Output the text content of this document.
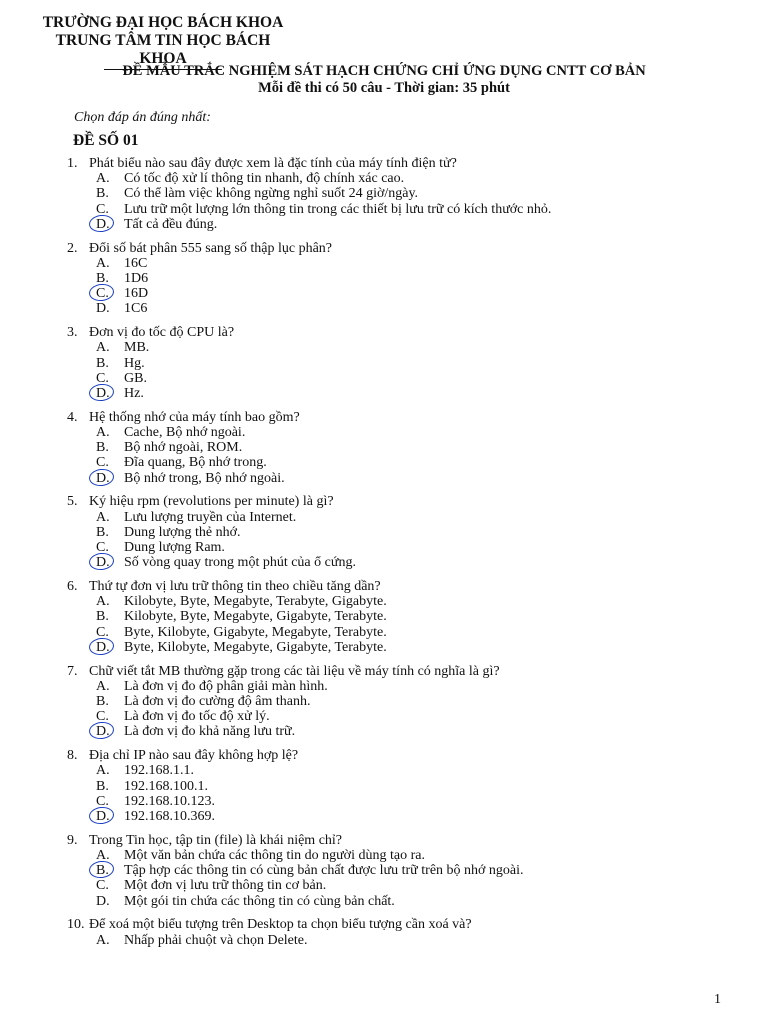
TRƯỜNG ĐẠI HỌC BÁCH KHOA
TRUNG TÂM TIN HỌC BÁCH KHOA
ĐỀ MẪU TRẮC NGHIỆM SÁT HẠCH CHỨNG CHỈ ỨNG DỤNG CNTT CƠ BẢN
Mỗi đề thi có 50 câu - Thời gian: 35 phút
Chọn đáp án đúng nhất:
ĐỀ SỐ 01
1. Phát biểu nào sau đây được xem là đặc tính của máy tính điện tử?
A.	Có tốc độ xử lí thông tin nhanh, độ chính xác cao.
B.	Có thể làm việc không ngừng nghỉ suốt 24 giờ/ngày.
C.	Lưu trữ một lượng lớn thông tin trong các thiết bị lưu trữ có kích thước nhỏ.
D.	Tất cả đều đúng.
2. Đổi số bát phân 555 sang số thập lục phân?
A.	16C
B.	1D6
C.	16D
D.	1C6
3. Đơn vị đo tốc độ CPU là?
A.	MB.
B.	Hg.
C.	GB.
D.	Hz.
4. Hệ thống nhớ của máy tính bao gồm?
A.	Cache, Bộ nhớ ngoài.
B.	Bộ nhớ ngoài, ROM.
C.	Đĩa quang, Bộ nhớ trong.
D.	Bộ nhớ trong, Bộ nhớ ngoài.
5. Ký hiệu rpm (revolutions per minute) là gì?
A.	Lưu lượng truyền của Internet.
B.	Dung lượng thẻ nhớ.
C.	Dung lượng Ram.
D.	Số vòng quay trong một phút của ổ cứng.
6. Thứ tự đơn vị lưu trữ thông tin theo chiều tăng dần?
A.	Kilobyte, Byte, Megabyte, Terabyte, Gigabyte.
B.	Kilobyte, Byte, Megabyte, Gigabyte, Terabyte.
C.	Byte, Kilobyte, Gigabyte, Megabyte, Terabyte.
D.	Byte, Kilobyte, Megabyte, Gigabyte, Terabyte.
7. Chữ viết tắt MB thường gặp trong các tài liệu về máy tính có nghĩa là gì?
A.	Là đơn vị đo độ phân giải màn hình.
B.	Là đơn vị đo cường độ âm thanh.
C.	Là đơn vị đo tốc độ xử lý.
D.	Là đơn vị đo khả năng lưu trữ.
8. Địa chỉ IP nào sau đây không hợp lệ?
A.	192.168.1.1.
B.	192.168.100.1.
C.	192.168.10.123.
D.	192.168.10.369.
9. Trong Tin học, tập tin (file) là khái niệm chỉ?
A.	Một văn bản chứa các thông tin do người dùng tạo ra.
B.	Tập hợp các thông tin có cùng bản chất được lưu trữ trên bộ nhớ ngoài.
C.	Một đơn vị lưu trữ thông tin cơ bản.
D.	Một gói tin chứa các thông tin có cùng bản chất.
10. Để xoá một biểu tượng trên Desktop ta chọn biểu tượng cần xoá và?
A.	Nhấp phải chuột và chọn Delete.
1
